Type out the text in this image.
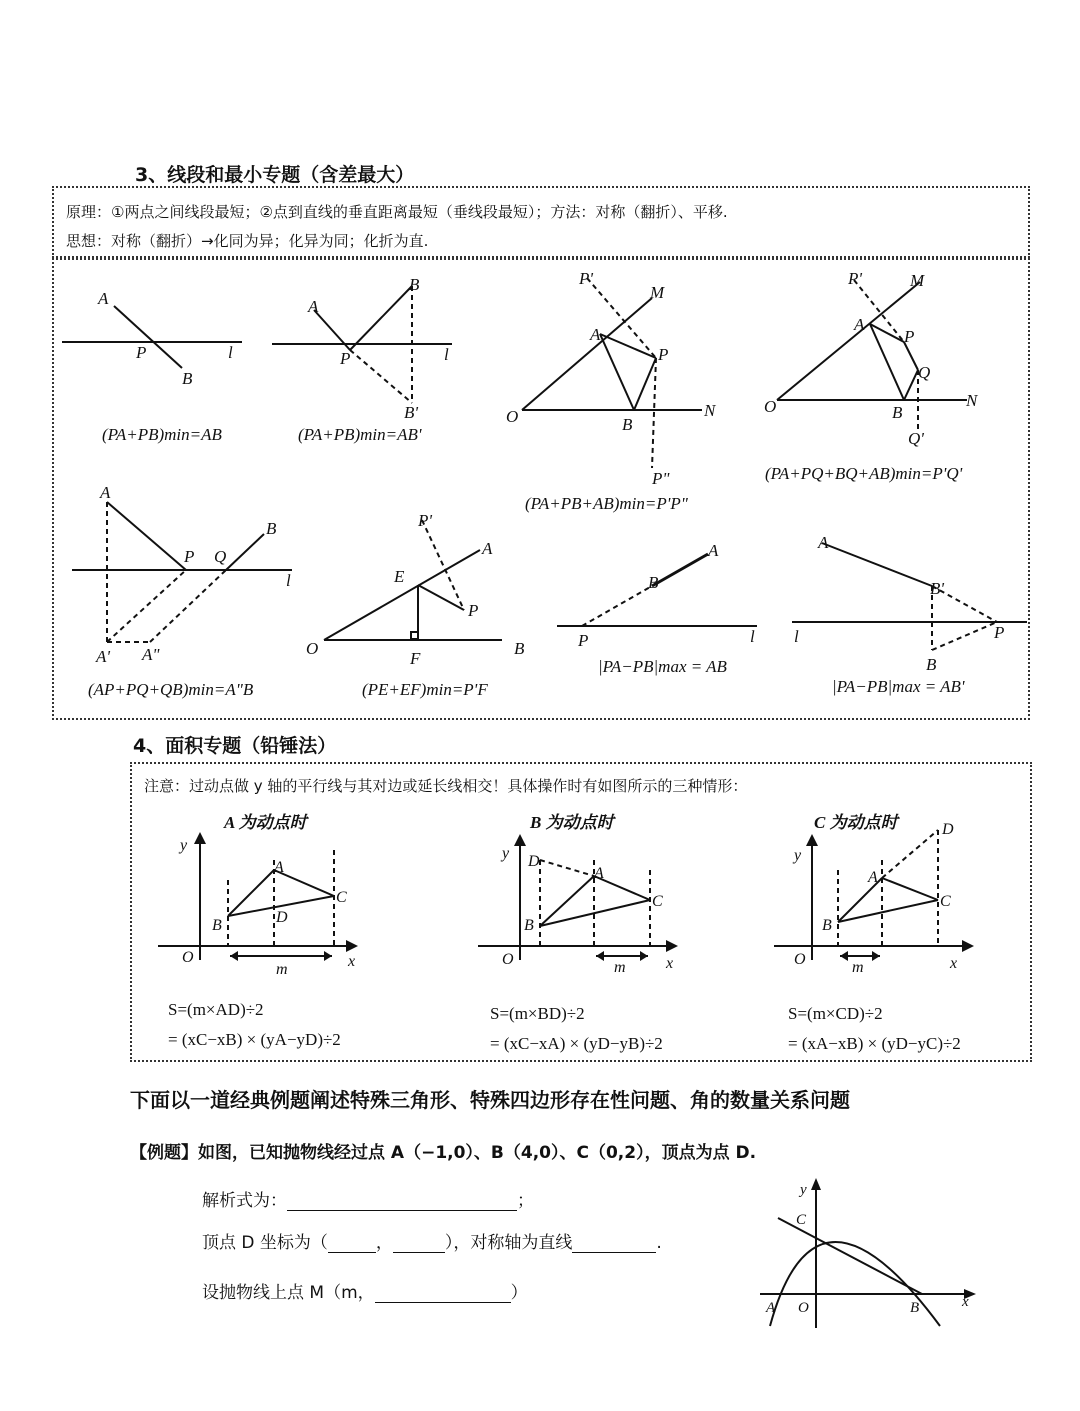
3、线段和最小专题（含差最大）
原理：①两点之间线段最短；②点到直线的垂直距离最短（垂线段最短）；方法：对称（翻折）、平移.
思想：对称（翻折）→化同为异；化异为同；化折为直.
A
P
B
l
A
P
B
B'
l
P'
M
A
P
O	B
N
P"
P'	M
A
P
Q
O	B
N
Q'
A
P Q
B
l
A' A"
P'
A
E
P
O
F
B
B
A
P	l
A
B'
l	P
B
(PA+PB)min=AB	(PA+PB)min=AB'
(PA+PB+AB)min=P'P"
(PA+PQ+BQ+AB)min=P'Q'
(AP+PQ+QB)min=A"B	(PE+EF)min=P'F
|PA−PB|max = AB
|PA−PB|max = AB'
4、面积专题（铅锤法）
注意：过动点做 y 轴的平行线与其对边或延长线相交！具体操作时有如图所示的三种情形：
A 为动点时	B 为动点时	C 为动点时
y
O	x
A
B
C
D
m
y
O	x
A
B
C
D
m
y
O	x
A
B
C
D
m
S=(m×AD)÷2
= (xC−xB) × (yA−yD)÷2
S=(m×BD)÷2
= (xC−xA) × (yD−yB)÷2
S=(m×CD)÷2
= (xA−xB) × (yD−yC)÷2
下面以一道经典例题阐述特殊三角形、特殊四边形存在性问题、角的数量关系问题
【例题】如图，已知抛物线经过点 A（−1,0）、B（4,0）、C（0,2），顶点为点 D.
解析式为：	；
顶点 D 坐标为（	，	），对称轴为直线	.
设抛物线上点 M（m，	）
y
C
O
A	B	x
